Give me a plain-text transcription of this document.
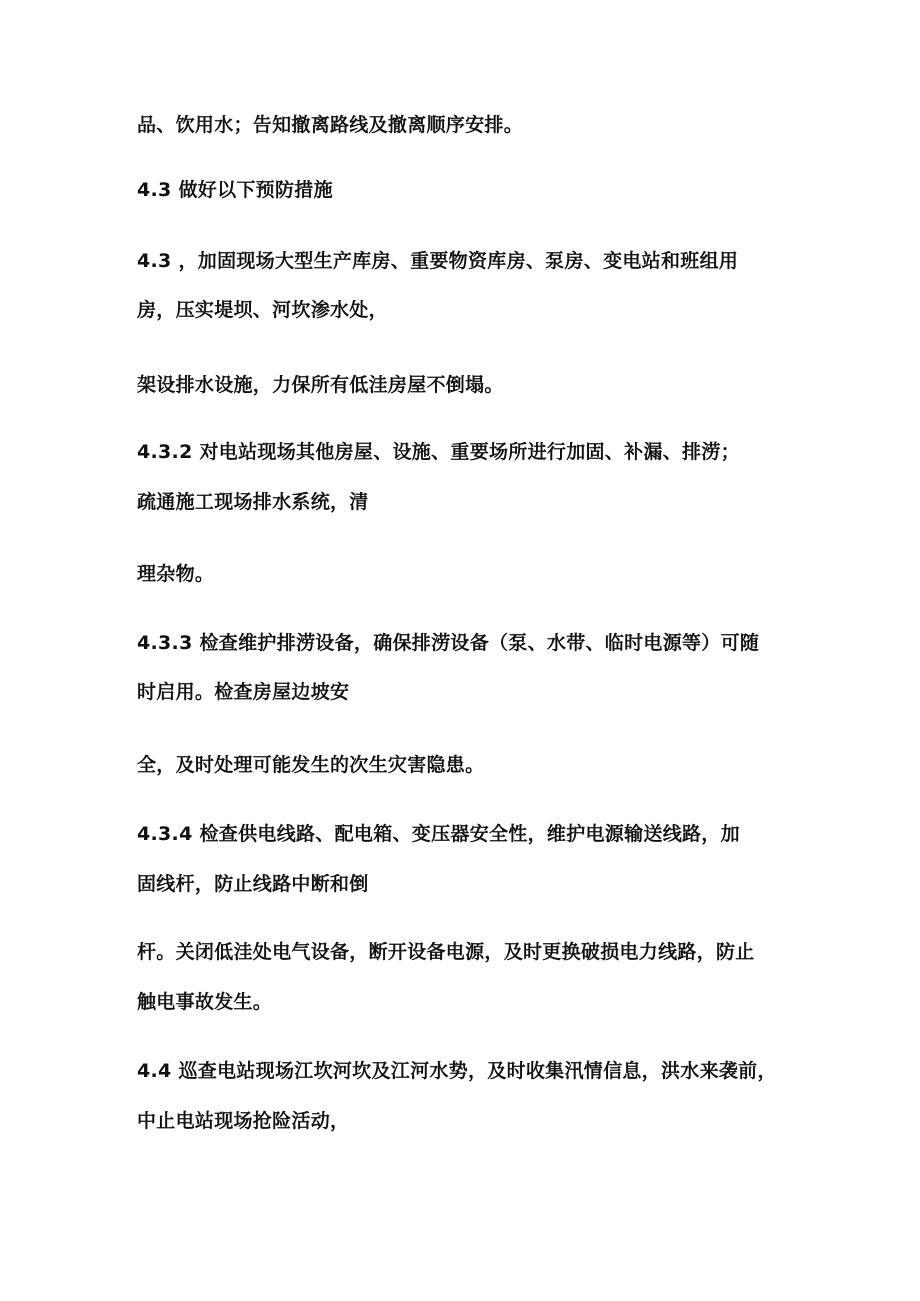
品、饮用水；告知撤离路线及撤离顺序安排。
4.3 做好以下预防措施
4.3 ，加固现场大型生产库房、重要物资库房、泵房、变电站和班组用
房，压实堤坝、河坎渗水处，
架设排水设施，力保所有低洼房屋不倒塌。
4.3.2 对电站现场其他房屋、设施、重要场所进行加固、补漏、排涝；
疏通施工现场排水系统，清
理杂物。
4.3.3 检查维护排涝设备，确保排涝设备（泵、水带、临时电源等）可随
时启用。检查房屋边坡安
全，及时处理可能发生的次生灾害隐患。
4.3.4 检查供电线路、配电箱、变压器安全性，维护电源输送线路，加
固线杆，防止线路中断和倒
杆。关闭低洼处电气设备，断开设备电源，及时更换破损电力线路，防止
触电事故发生。
4.4 巡查电站现场江坎河坎及江河水势，及时收集汛情信息，洪水来袭前，
中止电站现场抢险活动，
